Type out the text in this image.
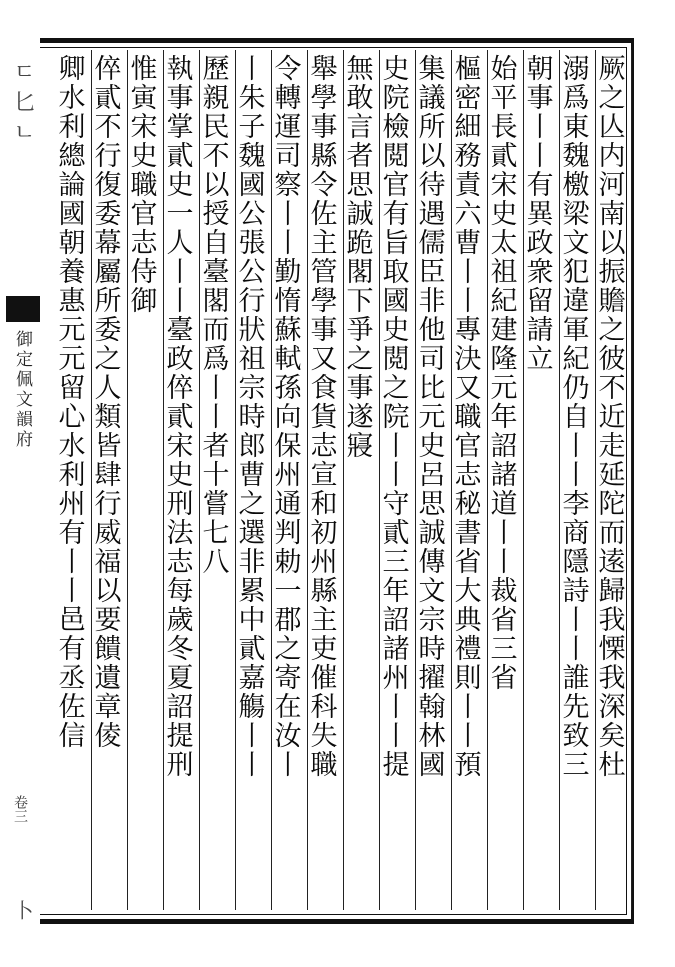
ㄷ匕ㄴ
御定佩文韻府
卷三
卜
厥之亾内河南以振贍之彼不近走延陀而逺歸我慄我深矣杜
溺爲東魏檄梁文犯違軍紀仍自丨丨李商隱詩丨丨誰先致三
朝事丨丨有異政衆留請立
始平長貳宋史太祖紀建隆元年詔諸道丨丨裁省三省
樞密細務責六曹丨丨專決又職官志秘書省大典禮則丨丨預
集議所以待遇儒臣非他司比元史呂思誠傳文宗時擢翰林國
史院檢閲官有旨取國史閲之院丨丨守貳三年詔諸州丨丨提
無敢言者思誠跪閣下爭之事遂寢
舉學事縣令佐主管學事又食貨志宣和初州縣主吏催科失職
令轉運司察丨丨勤惰蘇軾孫向保州通判勅一郡之寄在汝丨
丨朱子魏國公張公行狀祖宗時郎曹之選非累中貳嘉觴丨丨
歷親民不以授自臺閣而爲丨丨者十嘗七八
執事掌貳史一人丨丨臺政倅貳宋史刑法志每歲冬夏詔提刑
惟寅宋史職官志侍御
倅貳不行復委幕屬所委之人類皆肆行威福以要饋遺章倰
卿水利總論國朝養惠元元留心水利州有丨丨邑有丞佐信
